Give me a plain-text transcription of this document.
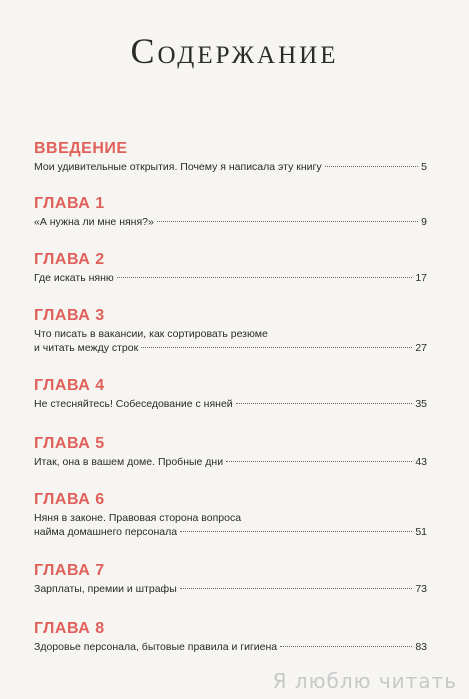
Содержание
ВВЕДЕНИЕ
Мои удивительные открытия. Почему я написала эту книгу	5
ГЛАВА 1
«А нужна ли мне няня?»	9
ГЛАВА 2
Где искать няню	17
ГЛАВА 3
Что писать в вакансии, как сортировать резюме
и читать между строк	27
ГЛАВА 4
Не стесняйтесь! Собеседование с няней	35
ГЛАВА 5
Итак, она в вашем доме. Пробные дни	43
ГЛАВА 6
Няня в законе. Правовая сторона вопроса
найма домашнего персонала	51
ГЛАВА 7
Зарплаты, премии и штрафы	73
ГЛАВА 8
Здоровье персонала, бытовые правила и гигиена	83
Я люблю читать
